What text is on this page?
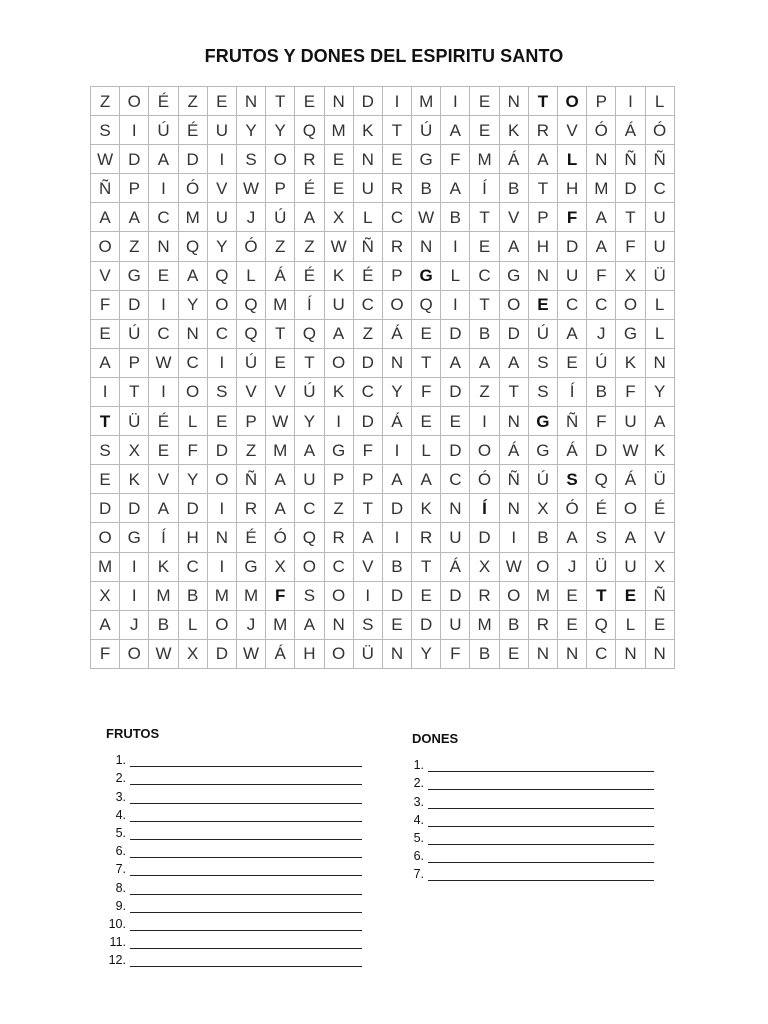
FRUTOS Y DONES DEL ESPIRITU SANTO
Z	O	É	Z	E	N	T	E	N	D	I	M	I	E	N	T	O	P	I	L
S	I	Ú	É	U	Y	Y	Q	M	K	T	Ú	A	E	K	R	V	Ó	Á	Ó
W	D	A	D	I	S	O	R	E	N	E	G	F	M	Á	A	L	N	Ñ	Ñ
Ñ	P	I	Ó	V	W	P	É	E	U	R	B	A	Í	B	T	H	M	D	C
A	A	C	M	U	J	Ú	A	X	L	C	W	B	T	V	P	F	A	T	U
O	Z	N	Q	Y	Ó	Z	Z	W	Ñ	R	N	I	E	A	H	D	A	F	U
V	G	E	A	Q	L	Á	É	K	É	P	G	L	C	G	N	U	F	X	Ü
F	D	I	Y	O	Q	M	Í	U	C	O	Q	I	T	O	E	C	C	O	L
E	Ú	C	N	C	Q	T	Q	A	Z	Á	E	D	B	D	Ú	A	J	G	L
A	P	W	C	I	Ú	E	T	O	D	N	T	A	A	A	S	E	Ú	K	N
I	T	I	O	S	V	V	Ú	K	C	Y	F	D	Z	T	S	Í	B	F	Y
T	Ü	É	L	E	P	W	Y	I	D	Á	E	E	I	N	G	Ñ	F	U	A
S	X	E	F	D	Z	M	A	G	F	I	L	D	O	Á	G	Á	D	W	K
E	K	V	Y	O	Ñ	A	U	P	P	A	A	C	Ó	Ñ	Ú	S	Q	Á	Ü
D	D	A	D	I	R	A	C	Z	T	D	K	N	Í	N	X	Ó	É	O	É
O	G	Í	H	N	É	Ó	Q	R	A	I	R	U	D	I	B	A	S	A	V
M	I	K	C	I	G	X	O	C	V	B	T	Á	X	W	O	J	Ü	U	X
X	I	M	B	M	M	F	S	O	I	D	E	D	R	O	M	E	T	E	Ñ
A	J	B	L	O	J	M	A	N	S	E	D	U	M	B	R	E	Q	L	E
F	O	W	X	D	W	Á	H	O	Ü	N	Y	F	B	E	N	N	C	N	N
FRUTOS
1.
2.
3.
4.
5.
6.
7.
8.
9.
10.
11.
12.
DONES
1.
2.
3.
4.
5.
6.
7.
